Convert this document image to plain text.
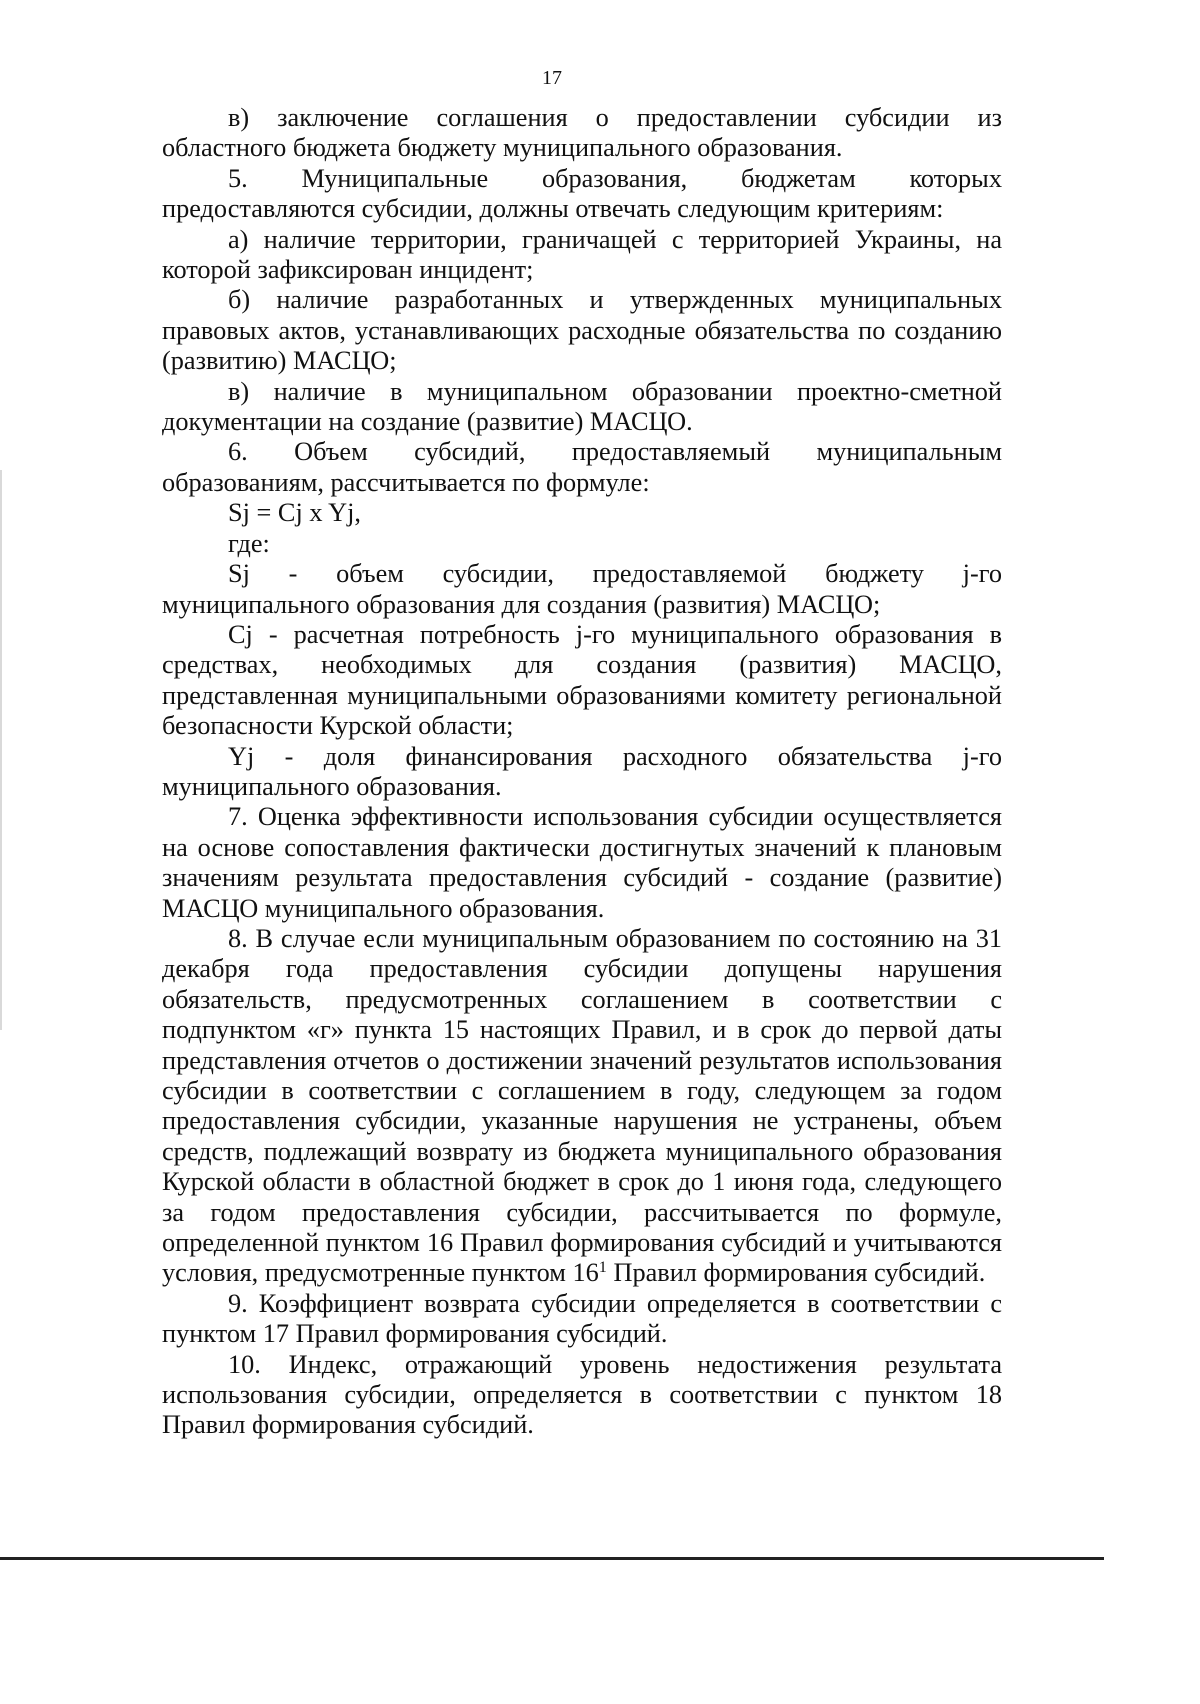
17

в) заключение соглашения о предоставлении субсидии из областного бюджета бюджету муниципального образования.

5. Муниципальные образования, бюджетам которых предоставляются субсидии, должны отвечать следующим критериям:

а) наличие территории, граничащей с территорией Украины, на которой зафиксирован инцидент;

б) наличие разработанных и утвержденных муниципальных правовых актов, устанавливающих расходные обязательства по созданию (развитию) МАСЦО;

в) наличие в муниципальном образовании проектно-сметной документации на создание (развитие) МАСЦО.

6. Объем субсидий, предоставляемый муниципальным образованиям, рассчитывается по формуле:

Sj = Cj x Yj,
где:

Sj - объем субсидии, предоставляемой бюджету j-го муниципального образования для создания (развития) МАСЦО;

Cj - расчетная потребность j-го муниципального образования в средствах, необходимых для создания (развития) МАСЦО, представленная муниципальными образованиями комитету региональной безопасности Курской области;

Yj - доля финансирования расходного обязательства j-го муниципального образования.

7. Оценка эффективности использования субсидии осуществляется на основе сопоставления фактически достигнутых значений к плановым значениям результата предоставления субсидий - создание (развитие) МАСЦО муниципального образования.

8. В случае если муниципальным образованием по состоянию на 31 декабря года предоставления субсидии допущены нарушения обязательств, предусмотренных соглашением в соответствии с подпунктом «г» пункта 15 настоящих Правил, и в срок до первой даты представления отчетов о достижении значений результатов использования субсидии в соответствии с соглашением в году, следующем за годом предоставления субсидии, указанные нарушения не устранены, объем средств, подлежащий возврату из бюджета муниципального образования Курской области в областной бюджет в срок до 1 июня года, следующего за годом предоставления субсидии, рассчитывается по формуле, определенной пунктом 16 Правил формирования субсидий и учитываются условия, предусмотренные пунктом $16^1$ Правил формирования субсидий.

9. Коэффициент возврата субсидии определяется в соответствии с пунктом 17 Правил формирования субсидий.

10. Индекс, отражающий уровень недостижения результата использования субсидии, определяется в соответствии с пунктом 18 Правил формирования субсидий.
